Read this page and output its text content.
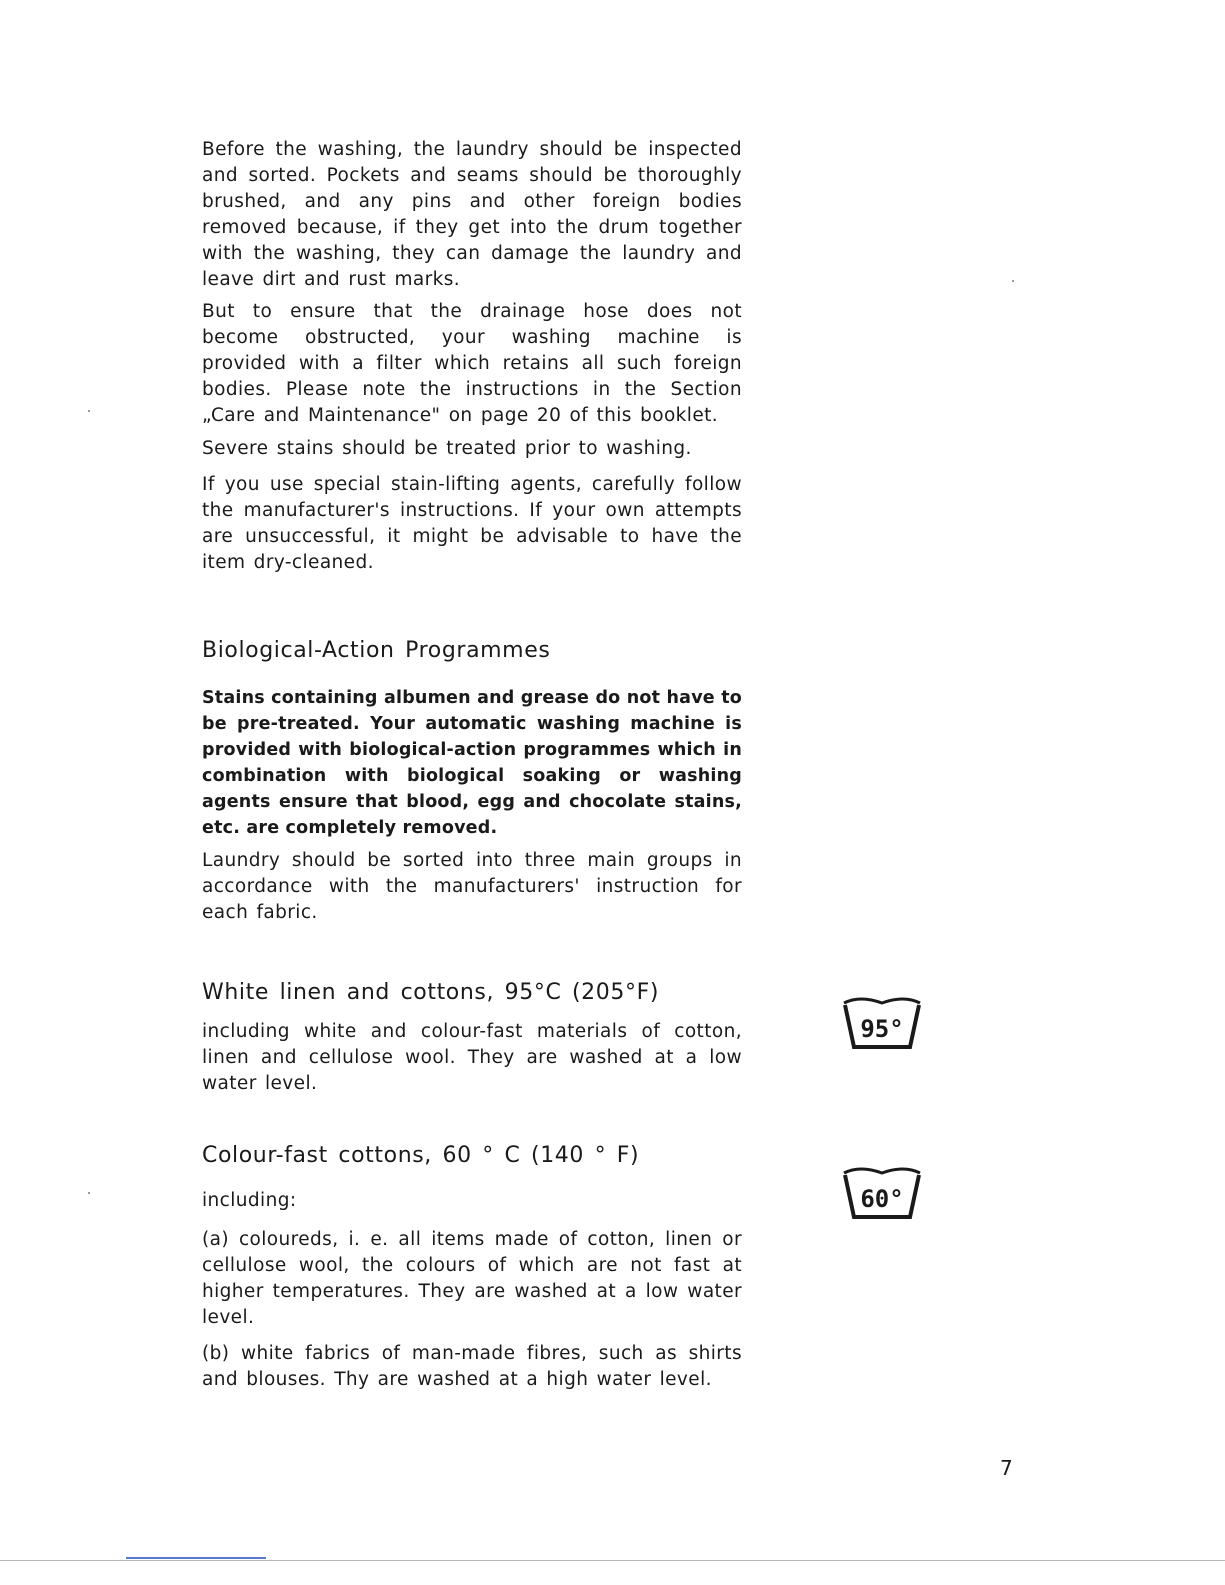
Before the washing, the laundry should be inspected and sorted. Pockets and seams should be thoroughly brushed, and any pins and other foreign bodies removed because, if they get into the drum together with the washing, they can damage the laundry and leave dirt and rust marks.

But to ensure that the drainage hose does not become obstructed, your washing machine is provided with a filter which retains all such foreign bodies. Please note the instructions in the Section „Care and Maintenance" on page 20 of this booklet.

Severe stains should be treated prior to washing.

If you use special stain-lifting agents, carefully follow the manufacturer's instructions. If your own attempts are unsuccessful, it might be advisable to have the item dry-cleaned.

Biological-Action Programmes

Stains containing albumen and grease do not have to be pre-treated. Your automatic washing machine is provided with biological-action programmes which in combination with biological soaking or washing agents ensure that blood, egg and chocolate stains, etc. are completely removed.

Laundry should be sorted into three main groups in accordance with the manufacturers' instruction for each fabric.

White linen and cottons, 95°C (205°F)

including white and colour-fast materials of cotton, linen and cellulose wool. They are washed at a low water level.

Colour-fast cottons, 60 ° C (140 ° F)

including:

(a) coloureds, i. e. all items made of cotton, linen or cellulose wool, the colours of which are not fast at higher temperatures. They are washed at a low water level.

(b) white fabrics of man-made fibres, such as shirts and blouses. Thy are washed at a high water level.

95°
60°
7
